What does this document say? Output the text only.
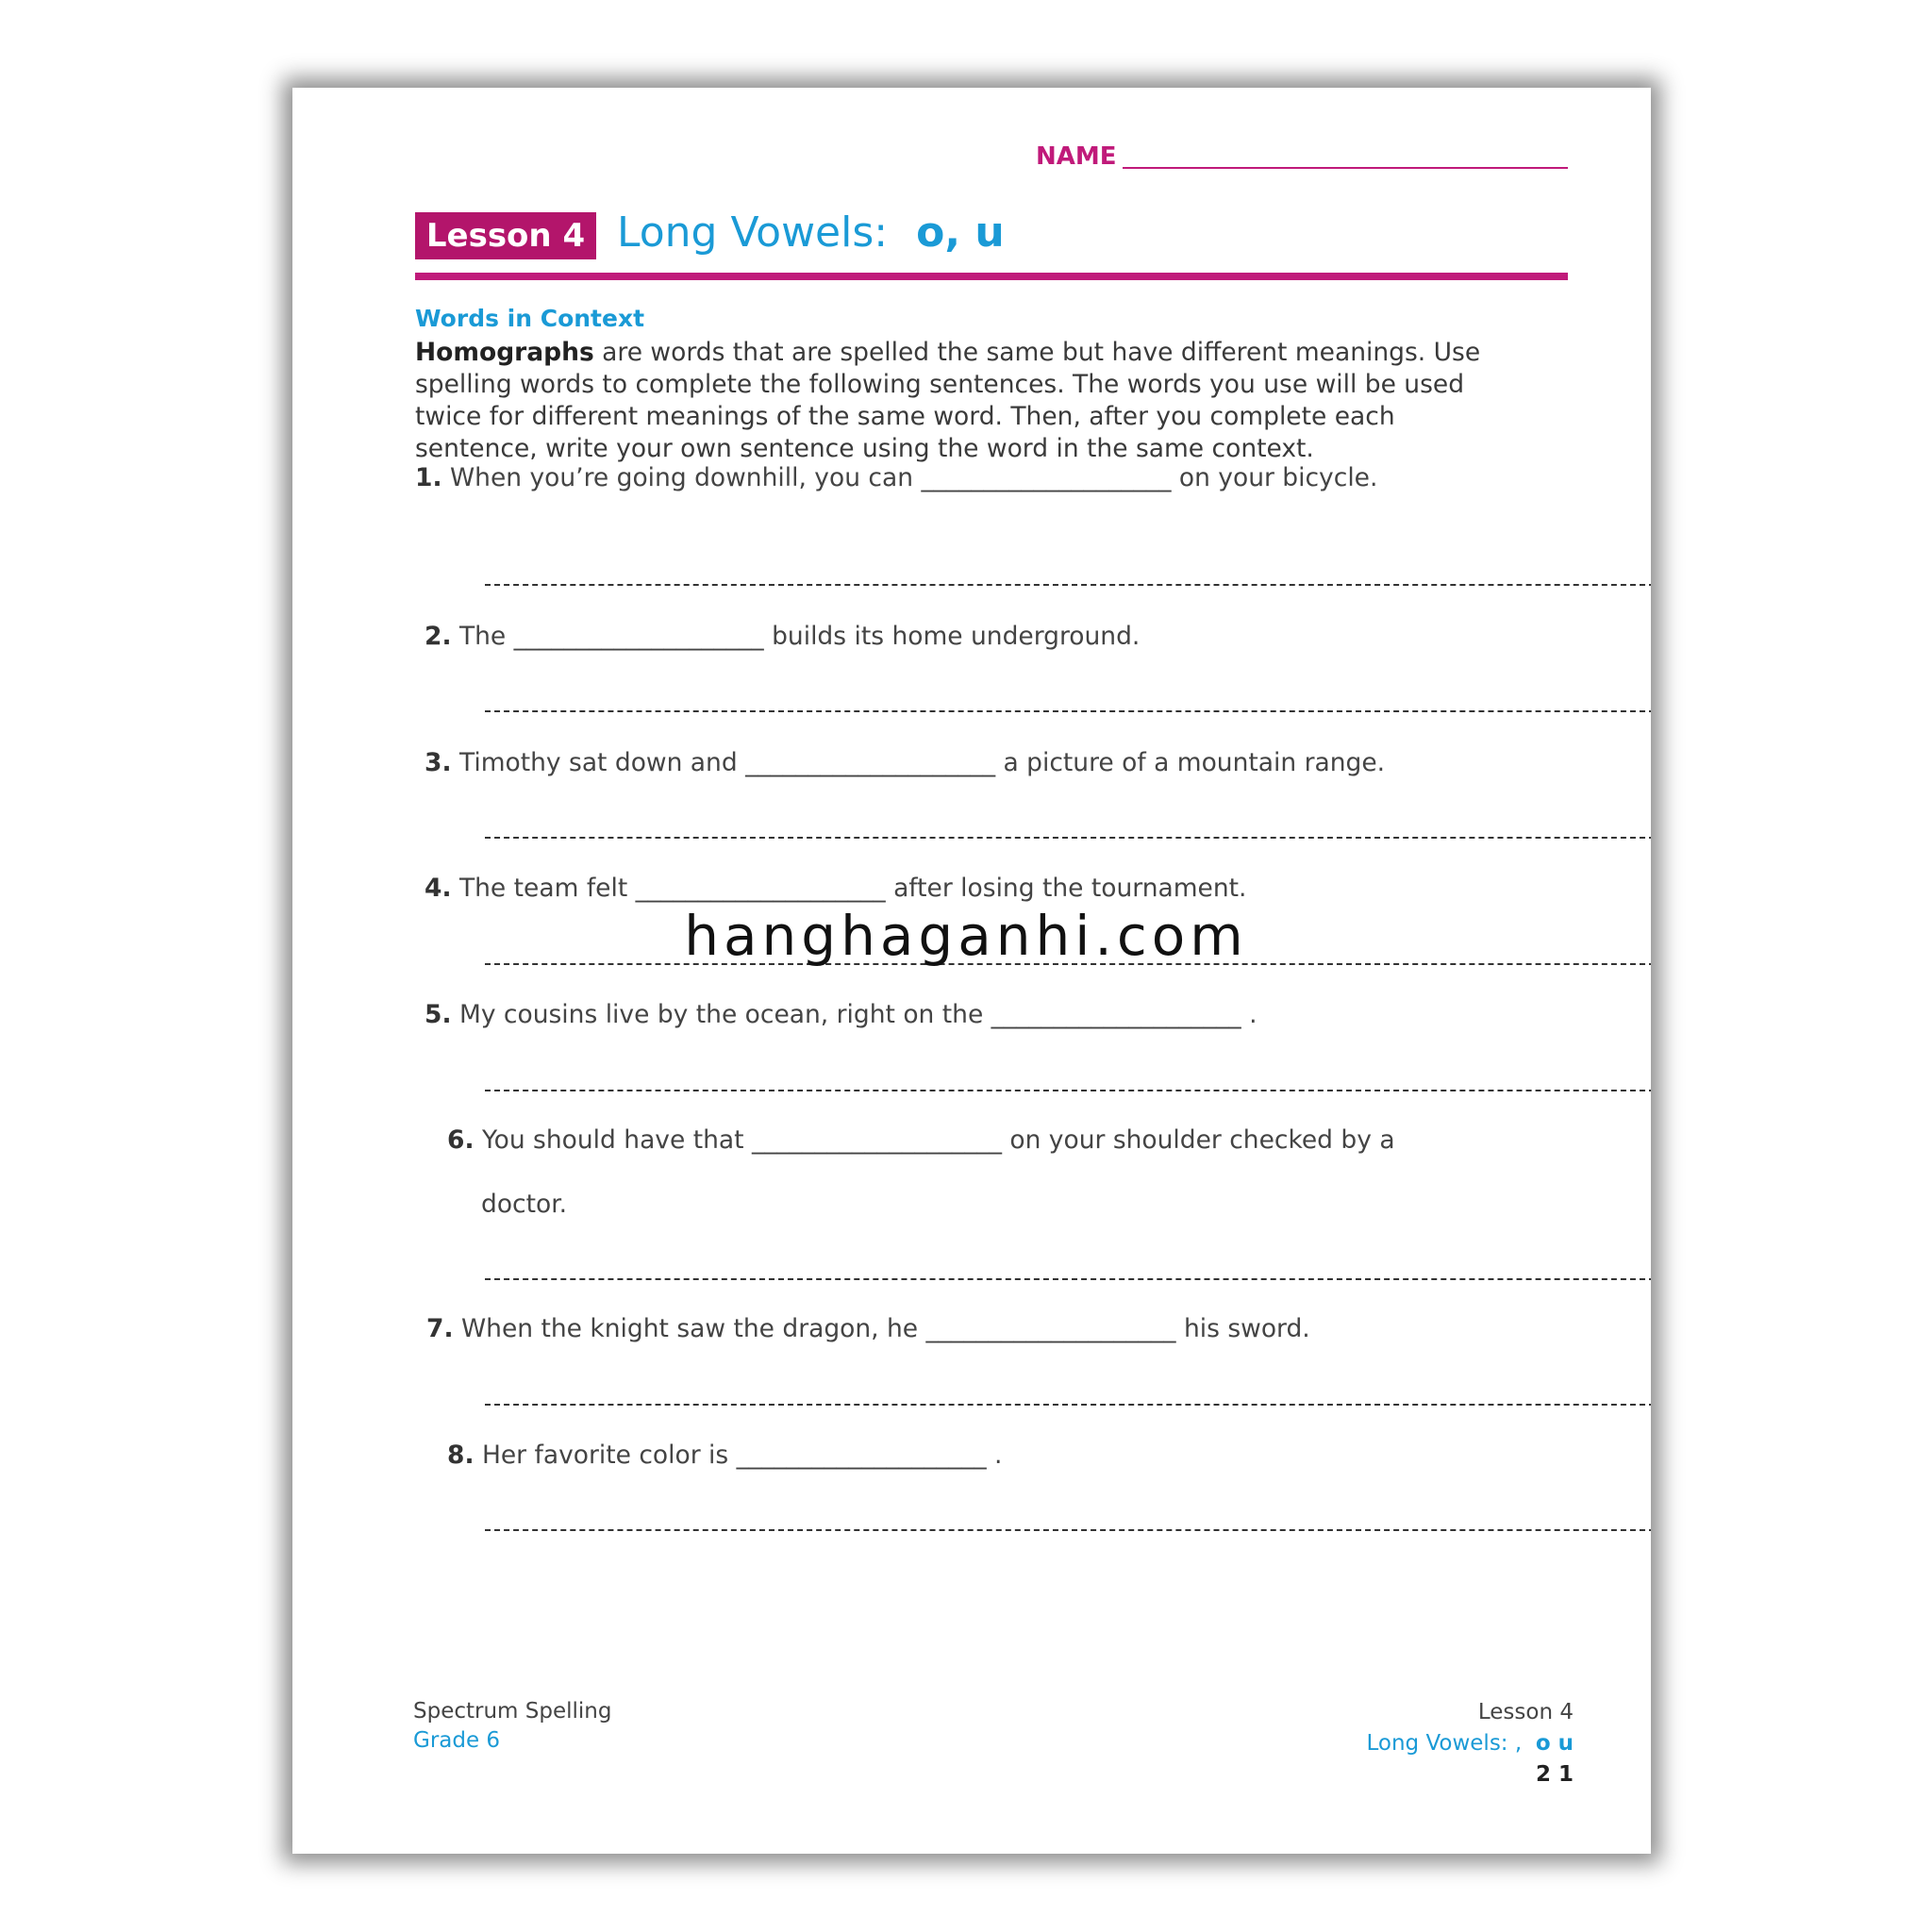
NAME
Lesson 4 Long Vowels: o, u
Words in Context
Homographs are words that are spelled the same but have different meanings. Use spelling words to complete the following sentences. The words you use will be used twice for different meanings of the same word. Then, after you complete each sentence, write your own sentence using the word in the same context.
1. When you’re going downhill, you can ____________________ on your bicycle.
2. The ____________________ builds its home underground.
3. Timothy sat down and ____________________ a picture of a mountain range.
4. The team felt ____________________ after losing the tournament.
5. My cousins live by the ocean, right on the ____________________ .
6. You should have that ____________________ on your shoulder checked by a
doctor.
7. When the knight saw the dragon, he ____________________ his sword.
8. Her favorite color is ____________________ .
Spectrum Spelling
Grade 6
Lesson 4
Long Vowels: , o u
21
hanghaganhi.com
